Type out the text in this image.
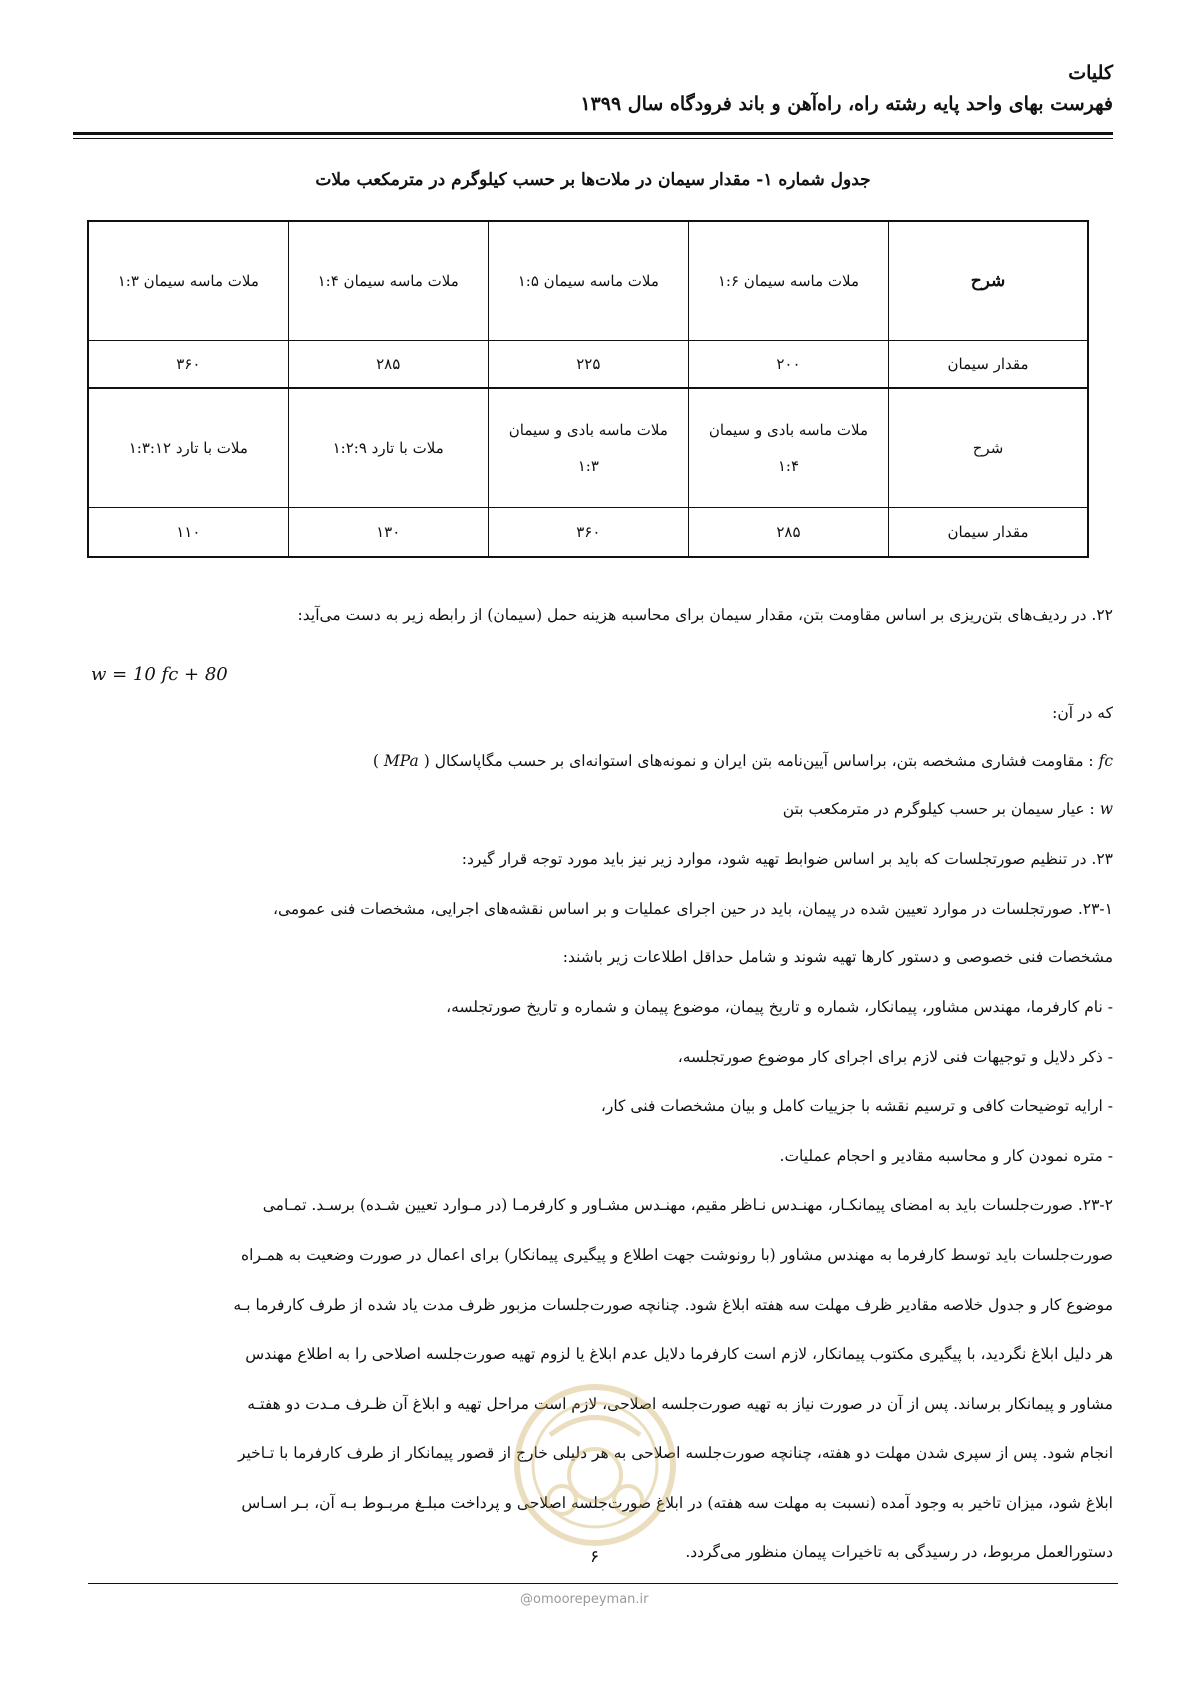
کلیات
فهرست بهای واحد پایه رشته راه، راه‌آهن و باند فرودگاه سال ۱۳۹۹
جدول شماره ۱- مقدار سیمان در ملات‌ها بر حسب کیلوگرم در مترمکعب ملات
شرح	ملات ماسه سیمان ۱:۶	ملات ماسه سیمان ۱:۵	ملات ماسه سیمان ۱:۴	ملات ماسه سیمان ۱:۳
مقدار سیمان	۲۰۰	۲۲۵	۲۸۵	۳۶۰
شرح	ملات ماسه بادی و سیمان ۱:۴	ملات ماسه بادی و سیمان ۱:۳	ملات با تارد ۱:۲:۹	ملات با تارد ۱:۳:۱۲
مقدار سیمان	۲۸۵	۳۶۰	۱۳۰	۱۱۰
۲۲. در ردیف‌های بتن‌ریزی بر اساس مقاومت بتن، مقدار سیمان برای محاسبه هزینه حمل (سیمان) از رابطه زیر به دست می‌آید:
که در آن:
fc : مقاومت فشاری مشخصه بتن، براساس آیین‌نامه بتن ایران و نمونه‌های استوانه‌ای بر حسب مگاپاسکال ( MPa )
w : عیار سیمان بر حسب کیلوگرم در مترمکعب بتن
۲۳. در تنظیم صورتجلسات که باید بر اساس ضوابط تهیه شود، موارد زیر نیز باید مورد توجه قرار گیرد:
۲۳-۱. صورتجلسات در موارد تعیین شده در پیمان، باید در حین اجرای عملیات و بر اساس نقشه‌های اجرایی، مشخصات فنی عمومی،
مشخصات فنی خصوصی و دستور کارها تهیه شوند و شامل حداقل اطلاعات زیر باشند:
- نام کارفرما، مهندس مشاور، پیمانکار، شماره و تاریخ پیمان، موضوع پیمان و شماره و تاریخ صورتجلسه،
- ذکر دلایل و توجیهات فنی لازم برای اجرای کار موضوع صورتجلسه،
- ارایه توضیحات کافی و ترسیم نقشه با جزییات کامل و بیان مشخصات فنی کار،
- متره نمودن کار و محاسبه مقادیر و احجام عملیات.
۲۳-۲. صورت‌جلسات باید به امضای پیمانکـار، مهنـدس نـاظر مقیم، مهنـدس مشـاور و کارفرمـا (در مـوارد تعیین شـده) برسـد. تمـامی
صورت‌جلسات باید توسط کارفرما به مهندس مشاور (با رونوشت جهت اطلاع و پیگیری پیمانکار) برای اعمال در صورت وضعیت به همـراه
موضوع کار و جدول خلاصه مقادیر ظرف مهلت سه هفته ابلاغ شود. چنانچه صورت‌جلسات مزبور ظرف مدت یاد شده از طرف کارفرما بـه
هر دلیل ابلاغ نگردید، با پیگیری مکتوب پیمانکار، لازم است کارفرما دلایل عدم ابلاغ یا لزوم تهیه صورت‌جلسه اصلاحی را به اطلاع مهندس
مشاور و پیمانکار برساند. پس از آن در صورت نیاز به تهیه صورت‌جلسه اصلاحی، لازم است مراحل تهیه و ابلاغ آن ظـرف مـدت دو هفتـه
انجام شود. پس از سپری شدن مهلت دو هفته، چنانچه صورت‌جلسه اصلاحی به هر دلیلی خارج از قصور پیمانکار از طرف کارفرما با تـاخیر
ابلاغ شود، میزان تاخیر به وجود آمده (نسبت به مهلت سه هفته) در ابلاغ صورت‌جلسه اصلاحی و پرداخت مبلـغ مربـوط بـه آن، بـر اسـاس
دستورالعمل مربوط، در رسیدگی به تاخیرات پیمان منظور می‌گردد.
w = 10 fc + 80
۶
@omoorepeyman.ir
